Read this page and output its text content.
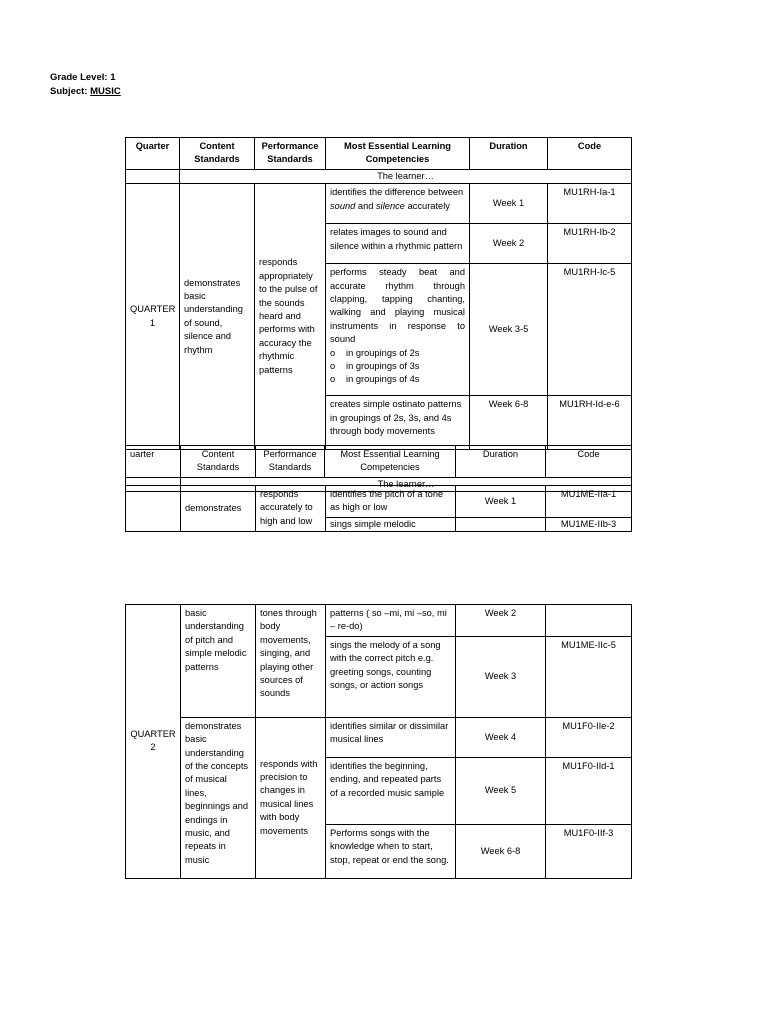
Grade Level: 1
Subject: MUSIC
Quarter	Content Standards	Performance Standards	Most Essential Learning Competencies	Duration	Code
	The learner…				
QUARTER 1	demonstrates basic understanding of sound, silence and rhythm	responds appropriately to the pulse of the sounds heard and performs with accuracy the rhythmic patterns	identifies the difference between sound and silence accurately	Week 1	MU1RH-Ia-1
			relates images to sound and silence within a rhythmic pattern	Week 2	MU1RH-Ib-2
			performs steady beat and accurate rhythm through clapping, tapping chanting, walking and playing musical instruments in response to sound
o in groupings of 2s
o in groupings of 3s
o in groupings of 4s	Week 3-5	MU1RH-Ic-5
			creates simple ostinato patterns in groupings of 2s, 3s, and 4s through body movements	Week 6-8	MU1RH-Id-e-6
uarter	Content Standards	Performance Standards	Most Essential Learning Competencies	Duration	Code
	The learner…				
	demonstrates	responds accurately to high and low	identifies the pitch of a tone as high or low	Week 1	MU1ME-IIa-1
			sings simple melodic		MU1ME-IIb-3
QUARTER 2	basic understanding of pitch and simple melodic patterns	tones through body movements, singing, and playing other sources of sounds	patterns ( so –mi, mi –so, mi – re-do)	Week 2	
			sings the melody of a song with the correct pitch e.g. greeting songs, counting songs, or action songs	Week 3	MU1ME-IIc-5
	demonstrates basic understanding of the concepts of musical lines, beginnings and endings in music, and repeats in music	responds with precision to changes in musical lines with body movements	identifies similar or dissimilar musical lines	Week 4	MU1F0-IIe-2
			identifies the beginning, ending, and repeated parts of a recorded music sample	Week 5	MU1F0-IId-1
			Performs songs with the knowledge when to start, stop, repeat or end the song.	Week 6-8	MU1F0-IIf-3
